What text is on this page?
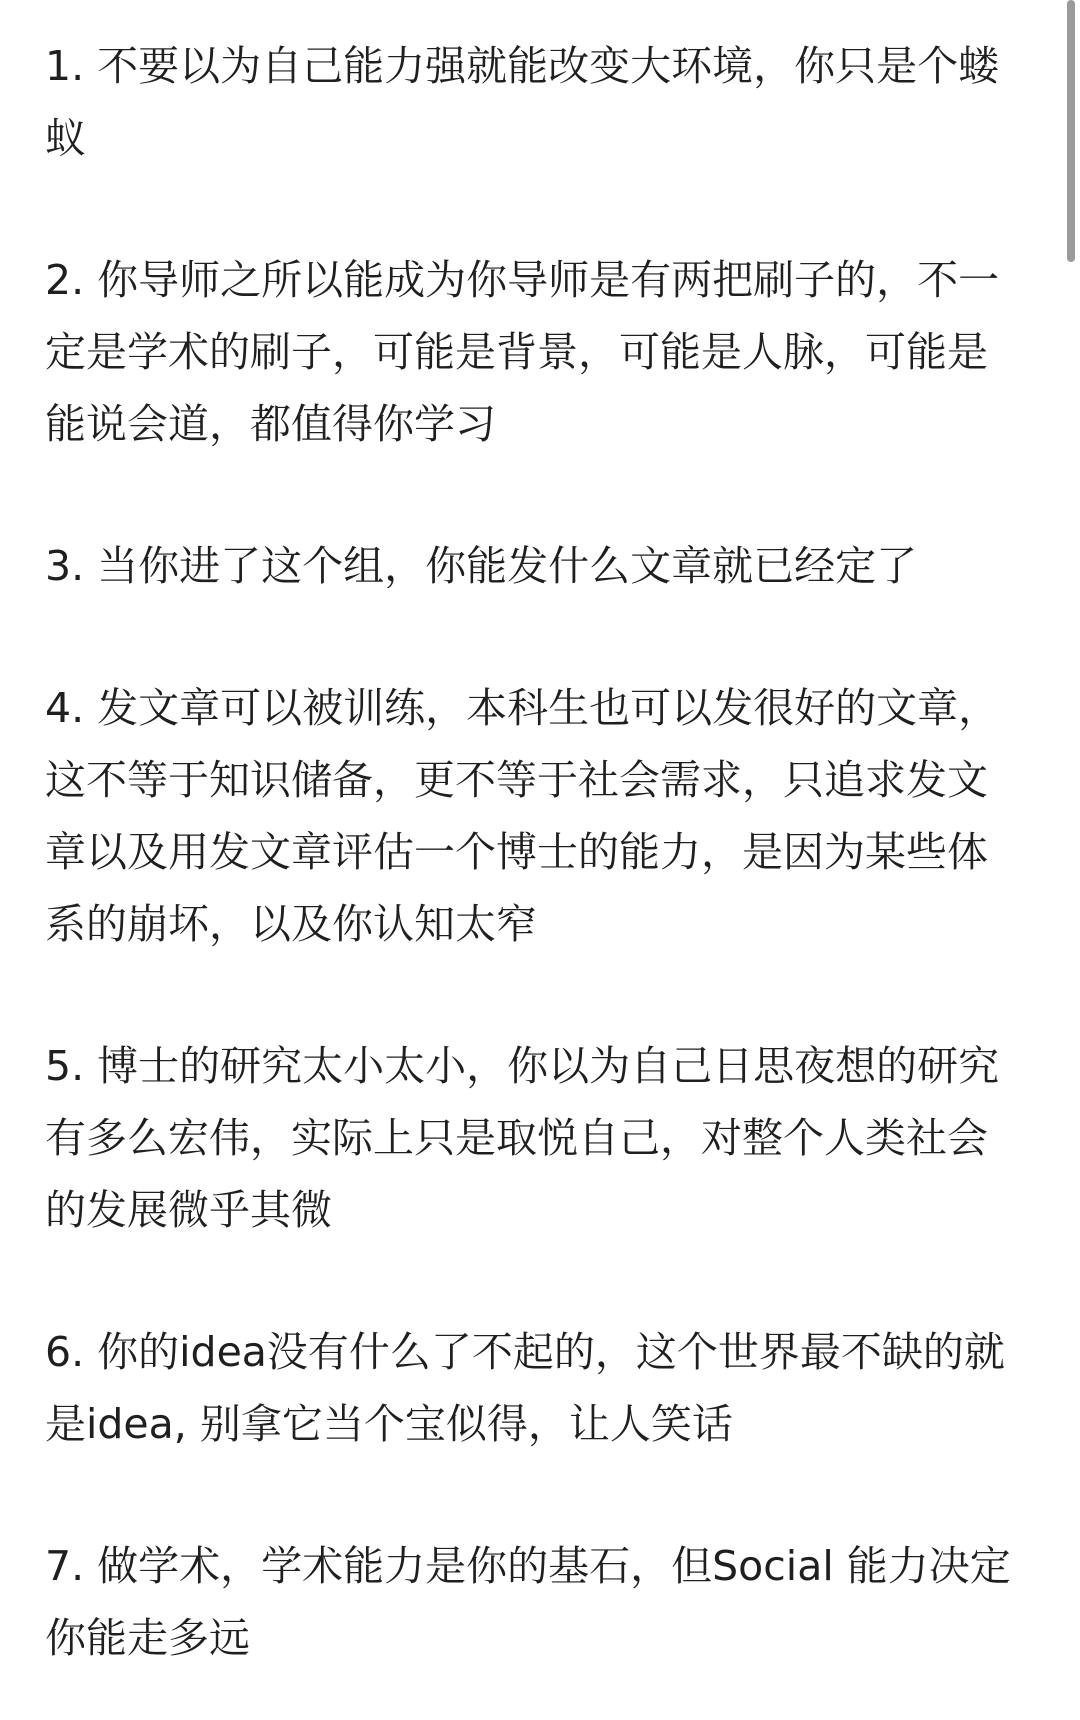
1. 不要以为自己能力强就能改变大环境，你只是个蝼蚁

2. 你导师之所以能成为你导师是有两把刷子的，不一定是学术的刷子，可能是背景，可能是人脉，可能是能说会道，都值得你学习

3. 当你进了这个组，你能发什么文章就已经定了

4. 发文章可以被训练，本科生也可以发很好的文章，这不等于知识储备，更不等于社会需求，只追求发文章以及用发文章评估一个博士的能力，是因为某些体系的崩坏，以及你认知太窄

5. 博士的研究太小太小，你以为自己日思夜想的研究有多么宏伟，实际上只是取悦自己，对整个人类社会的发展微乎其微

6. 你的idea没有什么了不起的，这个世界最不缺的就是idea, 别拿它当个宝似得，让人笑话

7. 做学术，学术能力是你的基石，但Social 能力决定你能走多远
